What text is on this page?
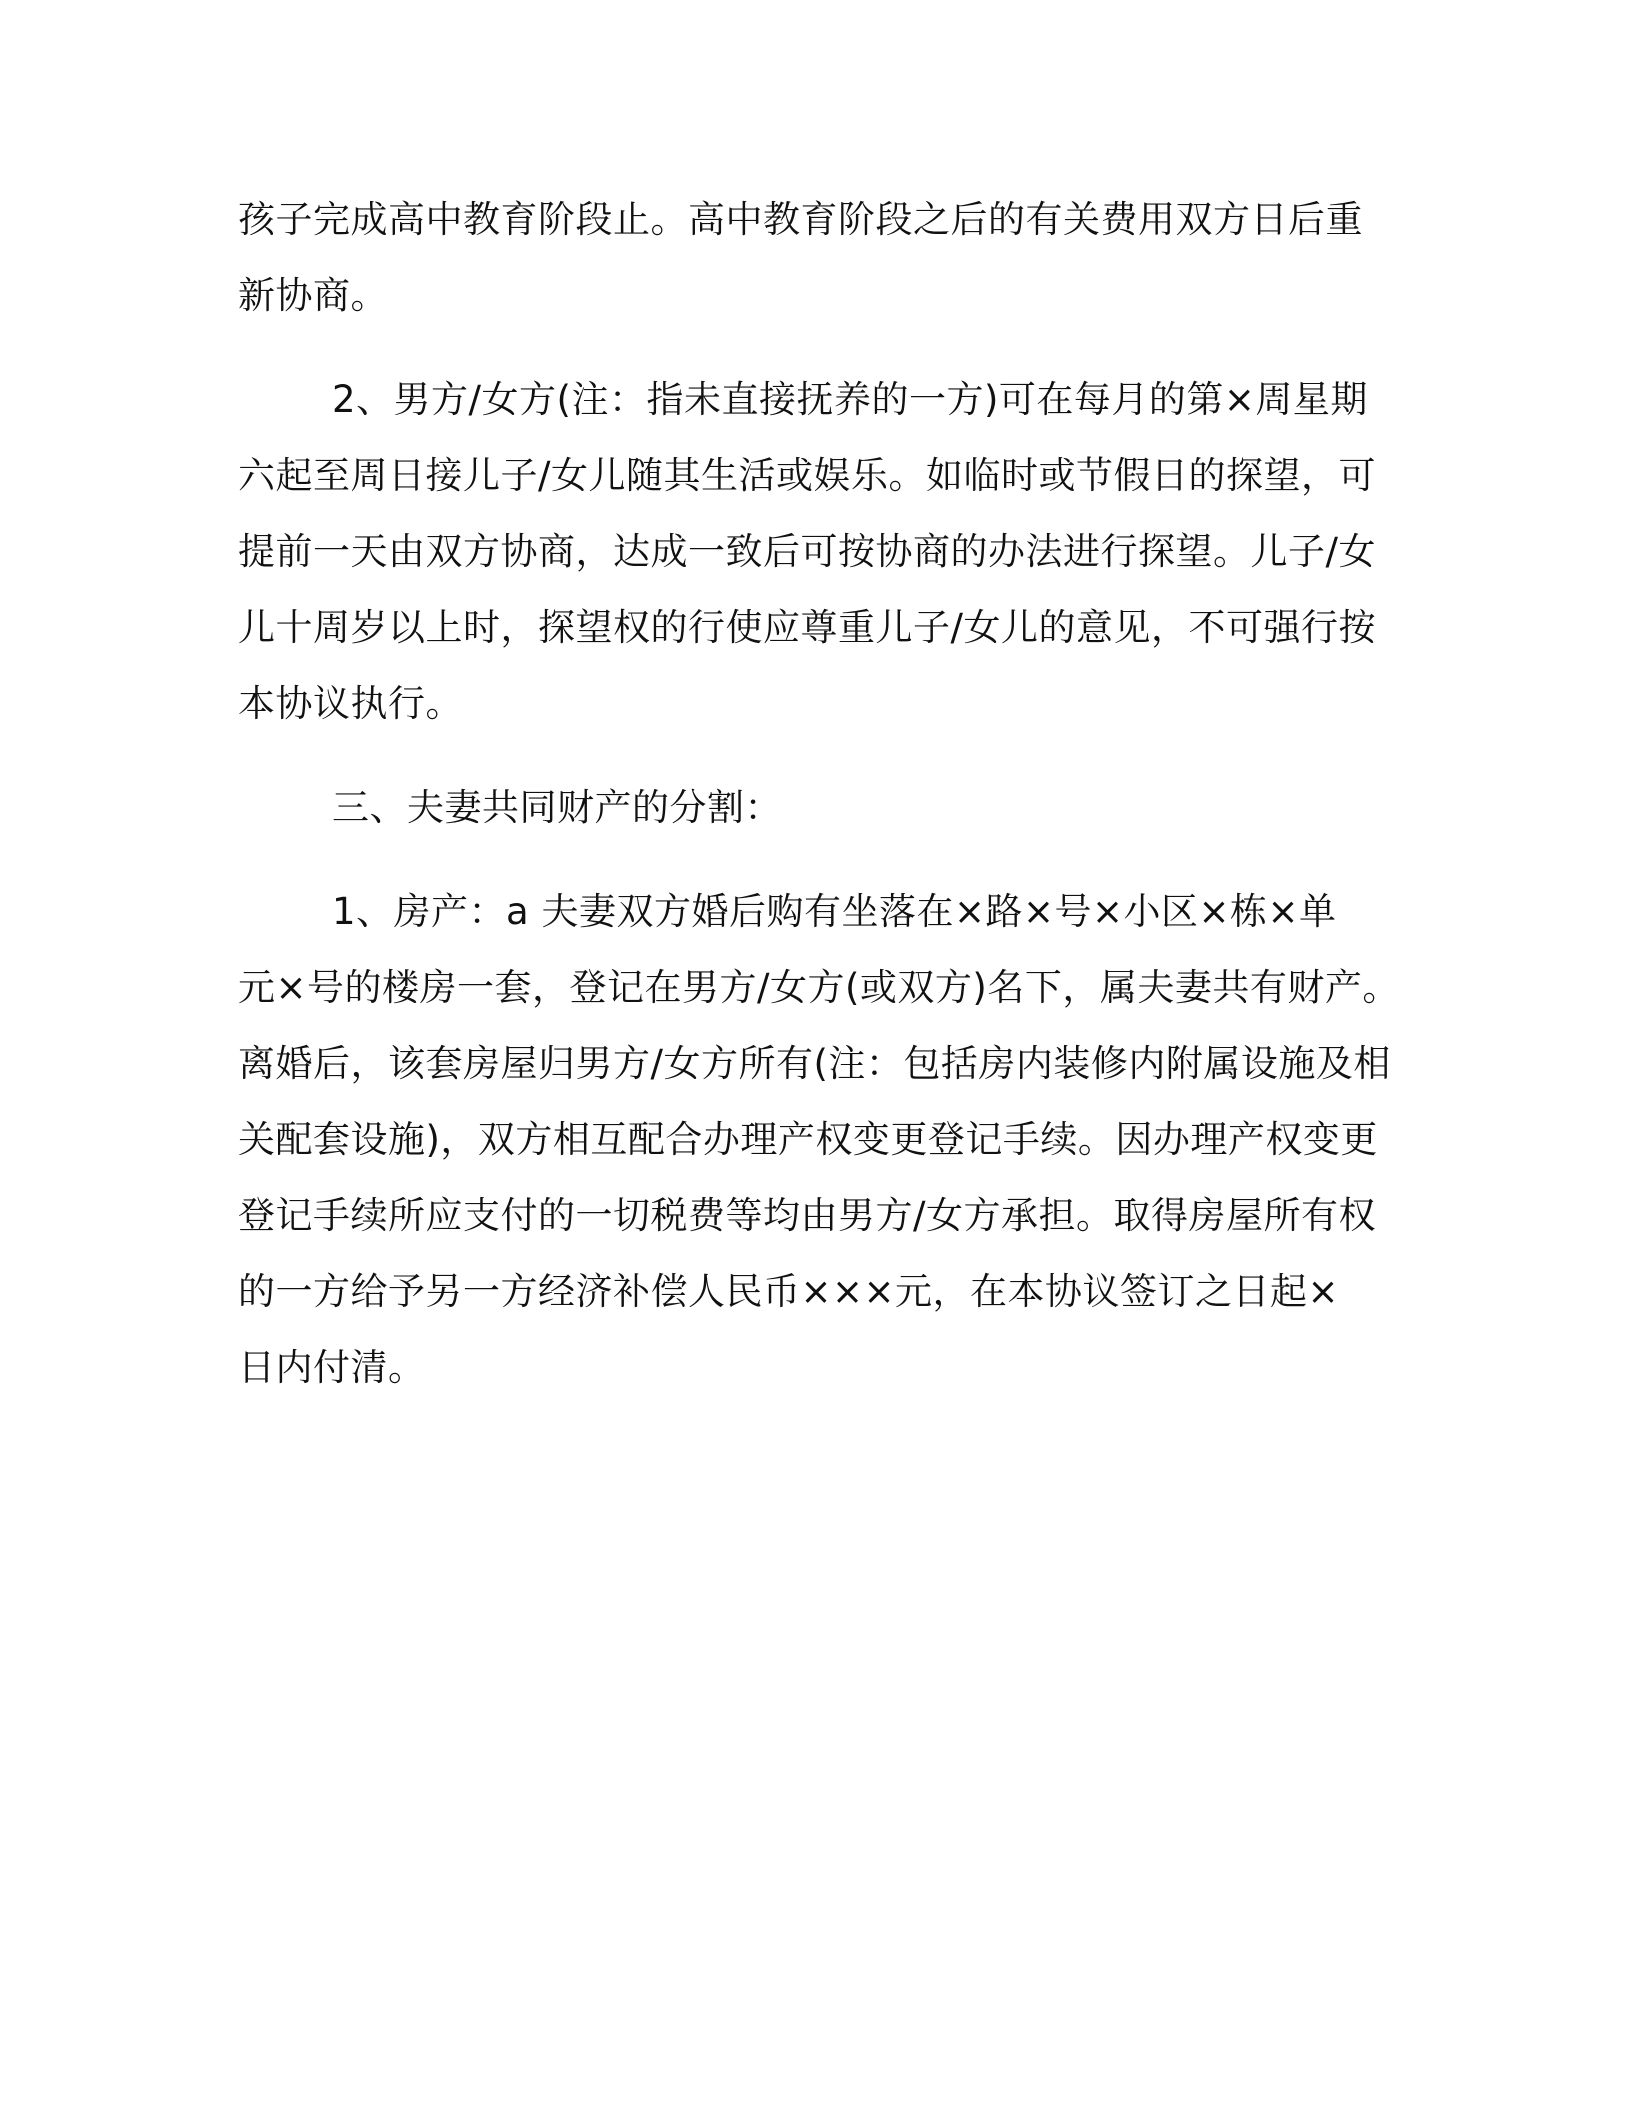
孩子完成高中教育阶段止。高中教育阶段之后的有关费用双方日后重
新协商。
2、男方/女方(注：指未直接抚养的一方)可在每月的第×周星期
六起至周日接儿子/女儿随其生活或娱乐。如临时或节假日的探望，可
提前一天由双方协商，达成一致后可按协商的办法进行探望。儿子/女
儿十周岁以上时，探望权的行使应尊重儿子/女儿的意见，不可强行按
本协议执行。
三、夫妻共同财产的分割：
1、房产：a 夫妻双方婚后购有坐落在×路×号×小区×栋×单
元×号的楼房一套，登记在男方/女方(或双方)名下，属夫妻共有财产。
离婚后，该套房屋归男方/女方所有(注：包括房内装修内附属设施及相
关配套设施)，双方相互配合办理产权变更登记手续。因办理产权变更
登记手续所应支付的一切税费等均由男方/女方承担。取得房屋所有权
的一方给予另一方经济补偿人民币×××元，在本协议签订之日起×
日内付清。
